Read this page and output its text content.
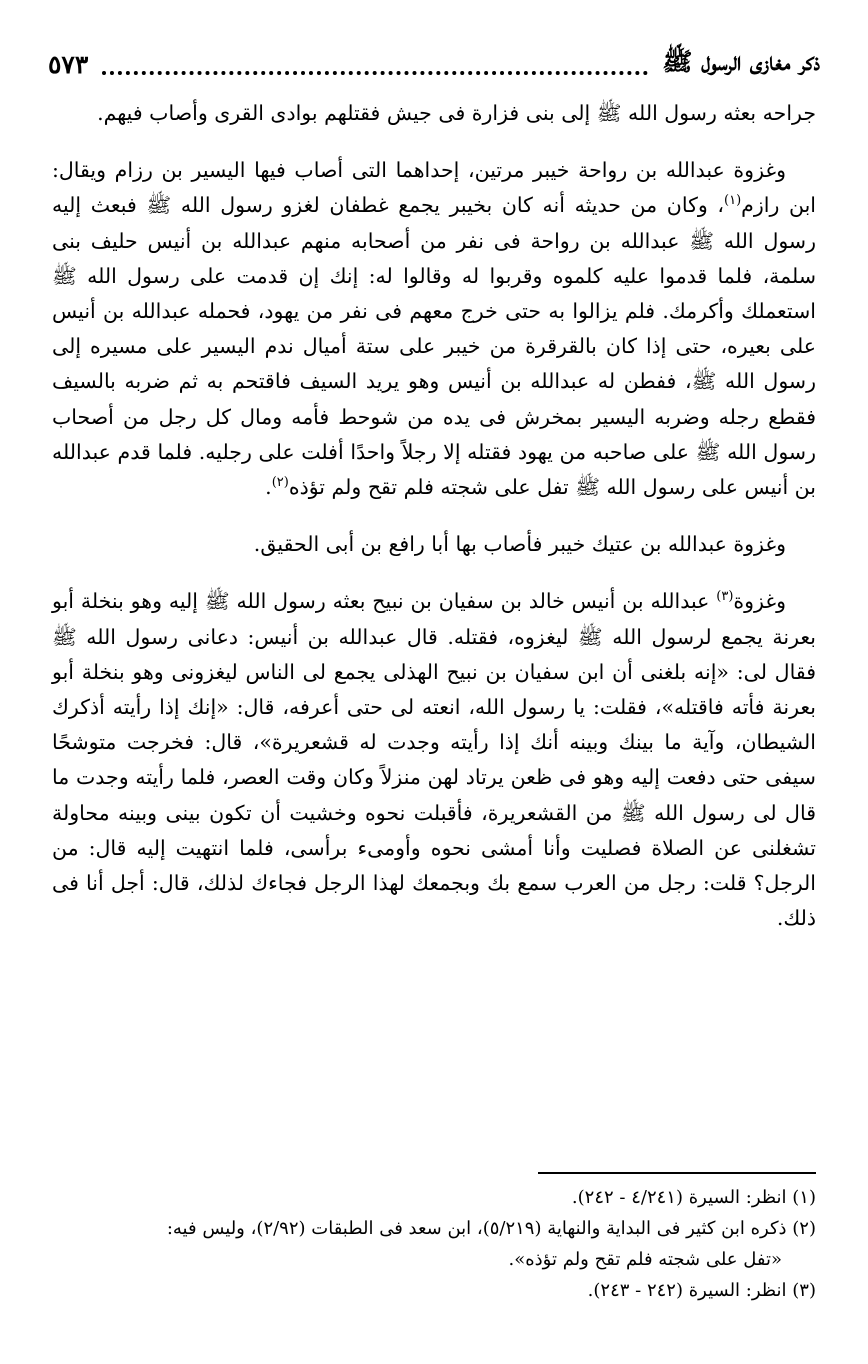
ذكر مغازى الرسول ﷺ
٥٧٣

جراحه بعثه رسول الله ﷺ إلى بنى فزارة فى جيش فقتلهم بوادى القرى وأصاب فيهم.

وغزوة عبدالله بن رواحة خيبر مرتين، إحداهما التى أصاب فيها اليسير بن رزام ويقال: ابن رازم$^{(١)}$، وكان من حديثه أنه كان بخيبر يجمع غطفان لغزو رسول الله ﷺ فبعث إليه رسول الله ﷺ عبدالله بن رواحة فى نفر من أصحابه منهم عبدالله بن أنيس حليف بنى سلمة، فلما قدموا عليه كلموه وقربوا له وقالوا له: إنك إن قدمت على رسول الله ﷺ استعملك وأكرمك. فلم يزالوا به حتى خرج معهم فى نفر من يهود، فحمله عبدالله بن أنيس على بعيره، حتى إذا كان بالقرقرة من خيبر على ستة أميال ندم اليسير على مسيره إلى رسول الله ﷺ، ففطن له عبدالله بن أنيس وهو يريد السيف فاقتحم به ثم ضربه بالسيف فقطع رجله وضربه اليسير بمخرش فى يده من شوحط فأمه ومال كل رجل من أصحاب رسول الله ﷺ على صاحبه من يهود فقتله إلا رجلاً واحدًا أفلت على رجليه. فلما قدم عبدالله بن أنيس على رسول الله ﷺ تفل على شجته فلم تقح ولم تؤذه$^{(٢)}$.

وغزوة عبدالله بن عتيك خيبر فأصاب بها أبا رافع بن أبى الحقيق.

وغزوة$^{(٣)}$ عبدالله بن أنيس خالد بن سفيان بن نبيح بعثه رسول الله ﷺ إليه وهو بنخلة أبو بعرنة يجمع لرسول الله ﷺ ليغزوه، فقتله. قال عبدالله بن أنيس: دعانى رسول الله ﷺ فقال لى: «إنه بلغنى أن ابن سفيان بن نبيح الهذلى يجمع لى الناس ليغزونى وهو بنخلة أبو بعرنة فأته فاقتله»، فقلت: يا رسول الله، انعته لى حتى أعرفه، قال: «إنك إذا رأيته أذكرك الشيطان، وآية ما بينك وبينه أنك إذا رأيته وجدت له قشعريرة»، قال: فخرجت متوشحًا سيفى حتى دفعت إليه وهو فى ظعن يرتاد لهن منزلاً وكان وقت العصر، فلما رأيته وجدت ما قال لى رسول الله ﷺ من القشعريرة، فأقبلت نحوه وخشيت أن تكون بينى وبينه محاولة تشغلنى عن الصلاة فصليت وأنا أمشى نحوه وأومىء برأسى، فلما انتهيت إليه قال: من الرجل؟ قلت: رجل من العرب سمع بك وبجمعك لهذا الرجل فجاءك لذلك، قال: أجل أنا فى ذلك.

(١) انظر: السيرة (٤/٢٤١ - ٢٤٢).

(٢) ذكره ابن كثير فى البداية والنهاية (٥/٢١٩)، ابن سعد فى الطبقات (٢/٩٢)، وليس فيه:

«تفل على شجته فلم تقح ولم تؤذه».

(٣) انظر: السيرة (٢٤٢ - ٢٤٣).
